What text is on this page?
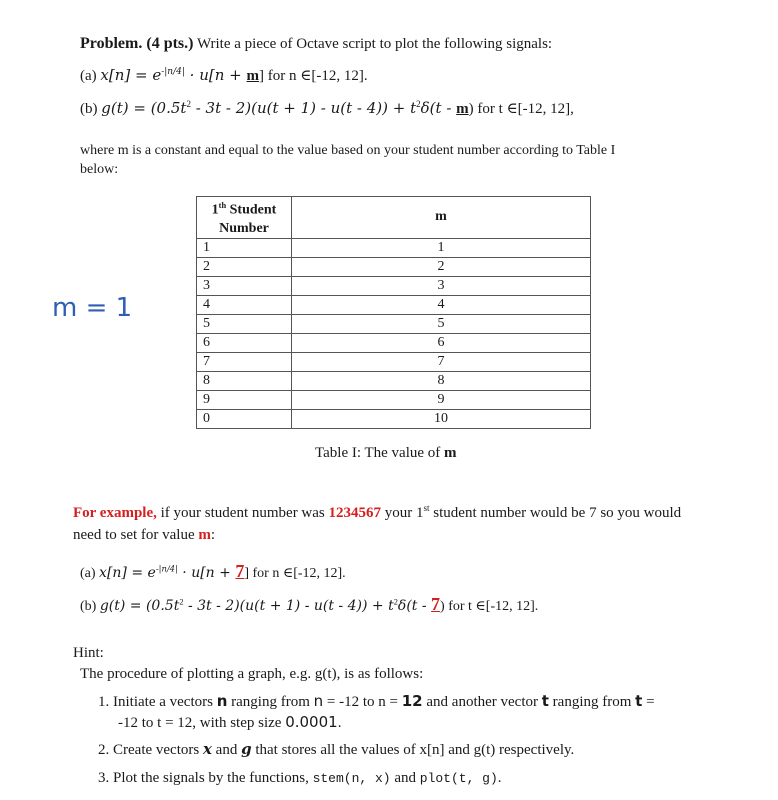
Problem. (4 pts.) Write a piece of Octave script to plot the following signals:
(a) $x[n] = e^{-|n/4|} \cdot u[n + m]$ for n ∈[-12, 12].
(b) $g(t) = (0.5t^2 - 3t - 2)(u(t + 1) - u(t - 4)) + t^2\delta(t - m)$ for t ∈[-12, 12],
where m is a constant and equal to the value based on your student number according to Table I
below:
m = 1
1th Student
Number	m
1	1
2	2
3	3
4	4
5	5
6	6
7	7
8	8
9	9
0	10
Table I: The value of m
For example, if your student number was 1234567 your 1st student number would be 7 so you would
need to set for value m:
(a) $x[n] = e^{-|n/4|} \cdot u[n + 7]$ for n ∈[-12, 12].
(b) $g(t) = (0.5t^2 - 3t - 2)(u(t + 1) - u(t - 4)) + t^2\delta(t - 7)$ for t ∈[-12, 12].
Hint:
The procedure of plotting a graph, e.g. g(t), is as follows:
1. Initiate a vectors n ranging from n = -12 to n = 12 and another vector t ranging from t =
-12 to t = 12, with step size 0.0001.
2. Create vectors x and g that stores all the values of x[n] and g(t) respectively.
3. Plot the signals by the functions, stem(n, x) and plot(t, g).
